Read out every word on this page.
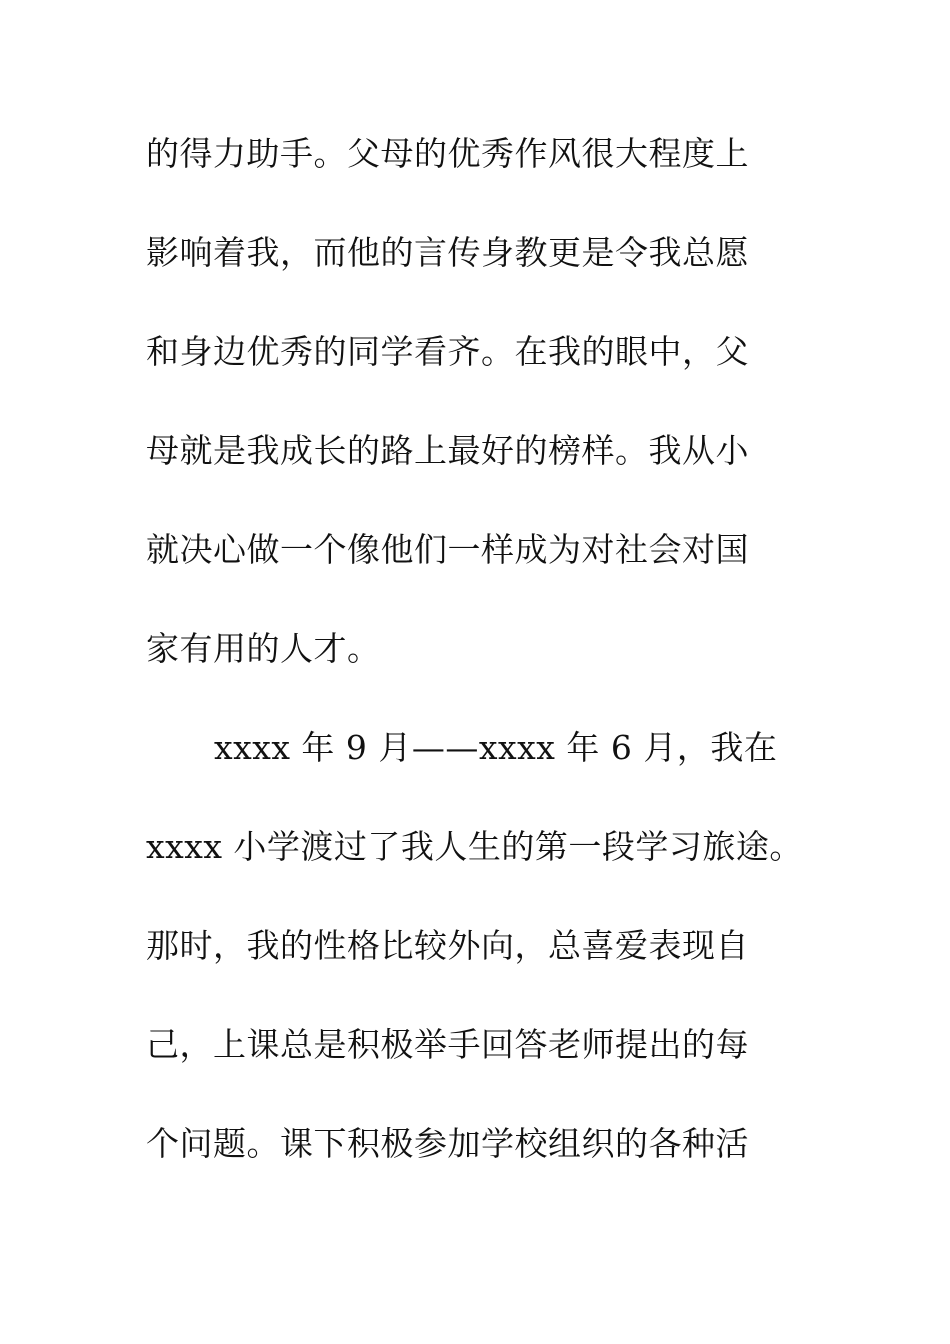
的得力助手。父母的优秀作风很大程度上
影响着我，而他的言传身教更是令我总愿
和身边优秀的同学看齐。在我的眼中，父
母就是我成长的路上最好的榜样。我从小
就决心做一个像他们一样成为对社会对国
家有用的人才。
xxxx 年 9 月——xxxx 年 6 月，我在
xxxx 小学渡过了我人生的第一段学习旅途。
那时，我的性格比较外向，总喜爱表现自
己，上课总是积极举手回答老师提出的每
个问题。课下积极参加学校组织的各种活
